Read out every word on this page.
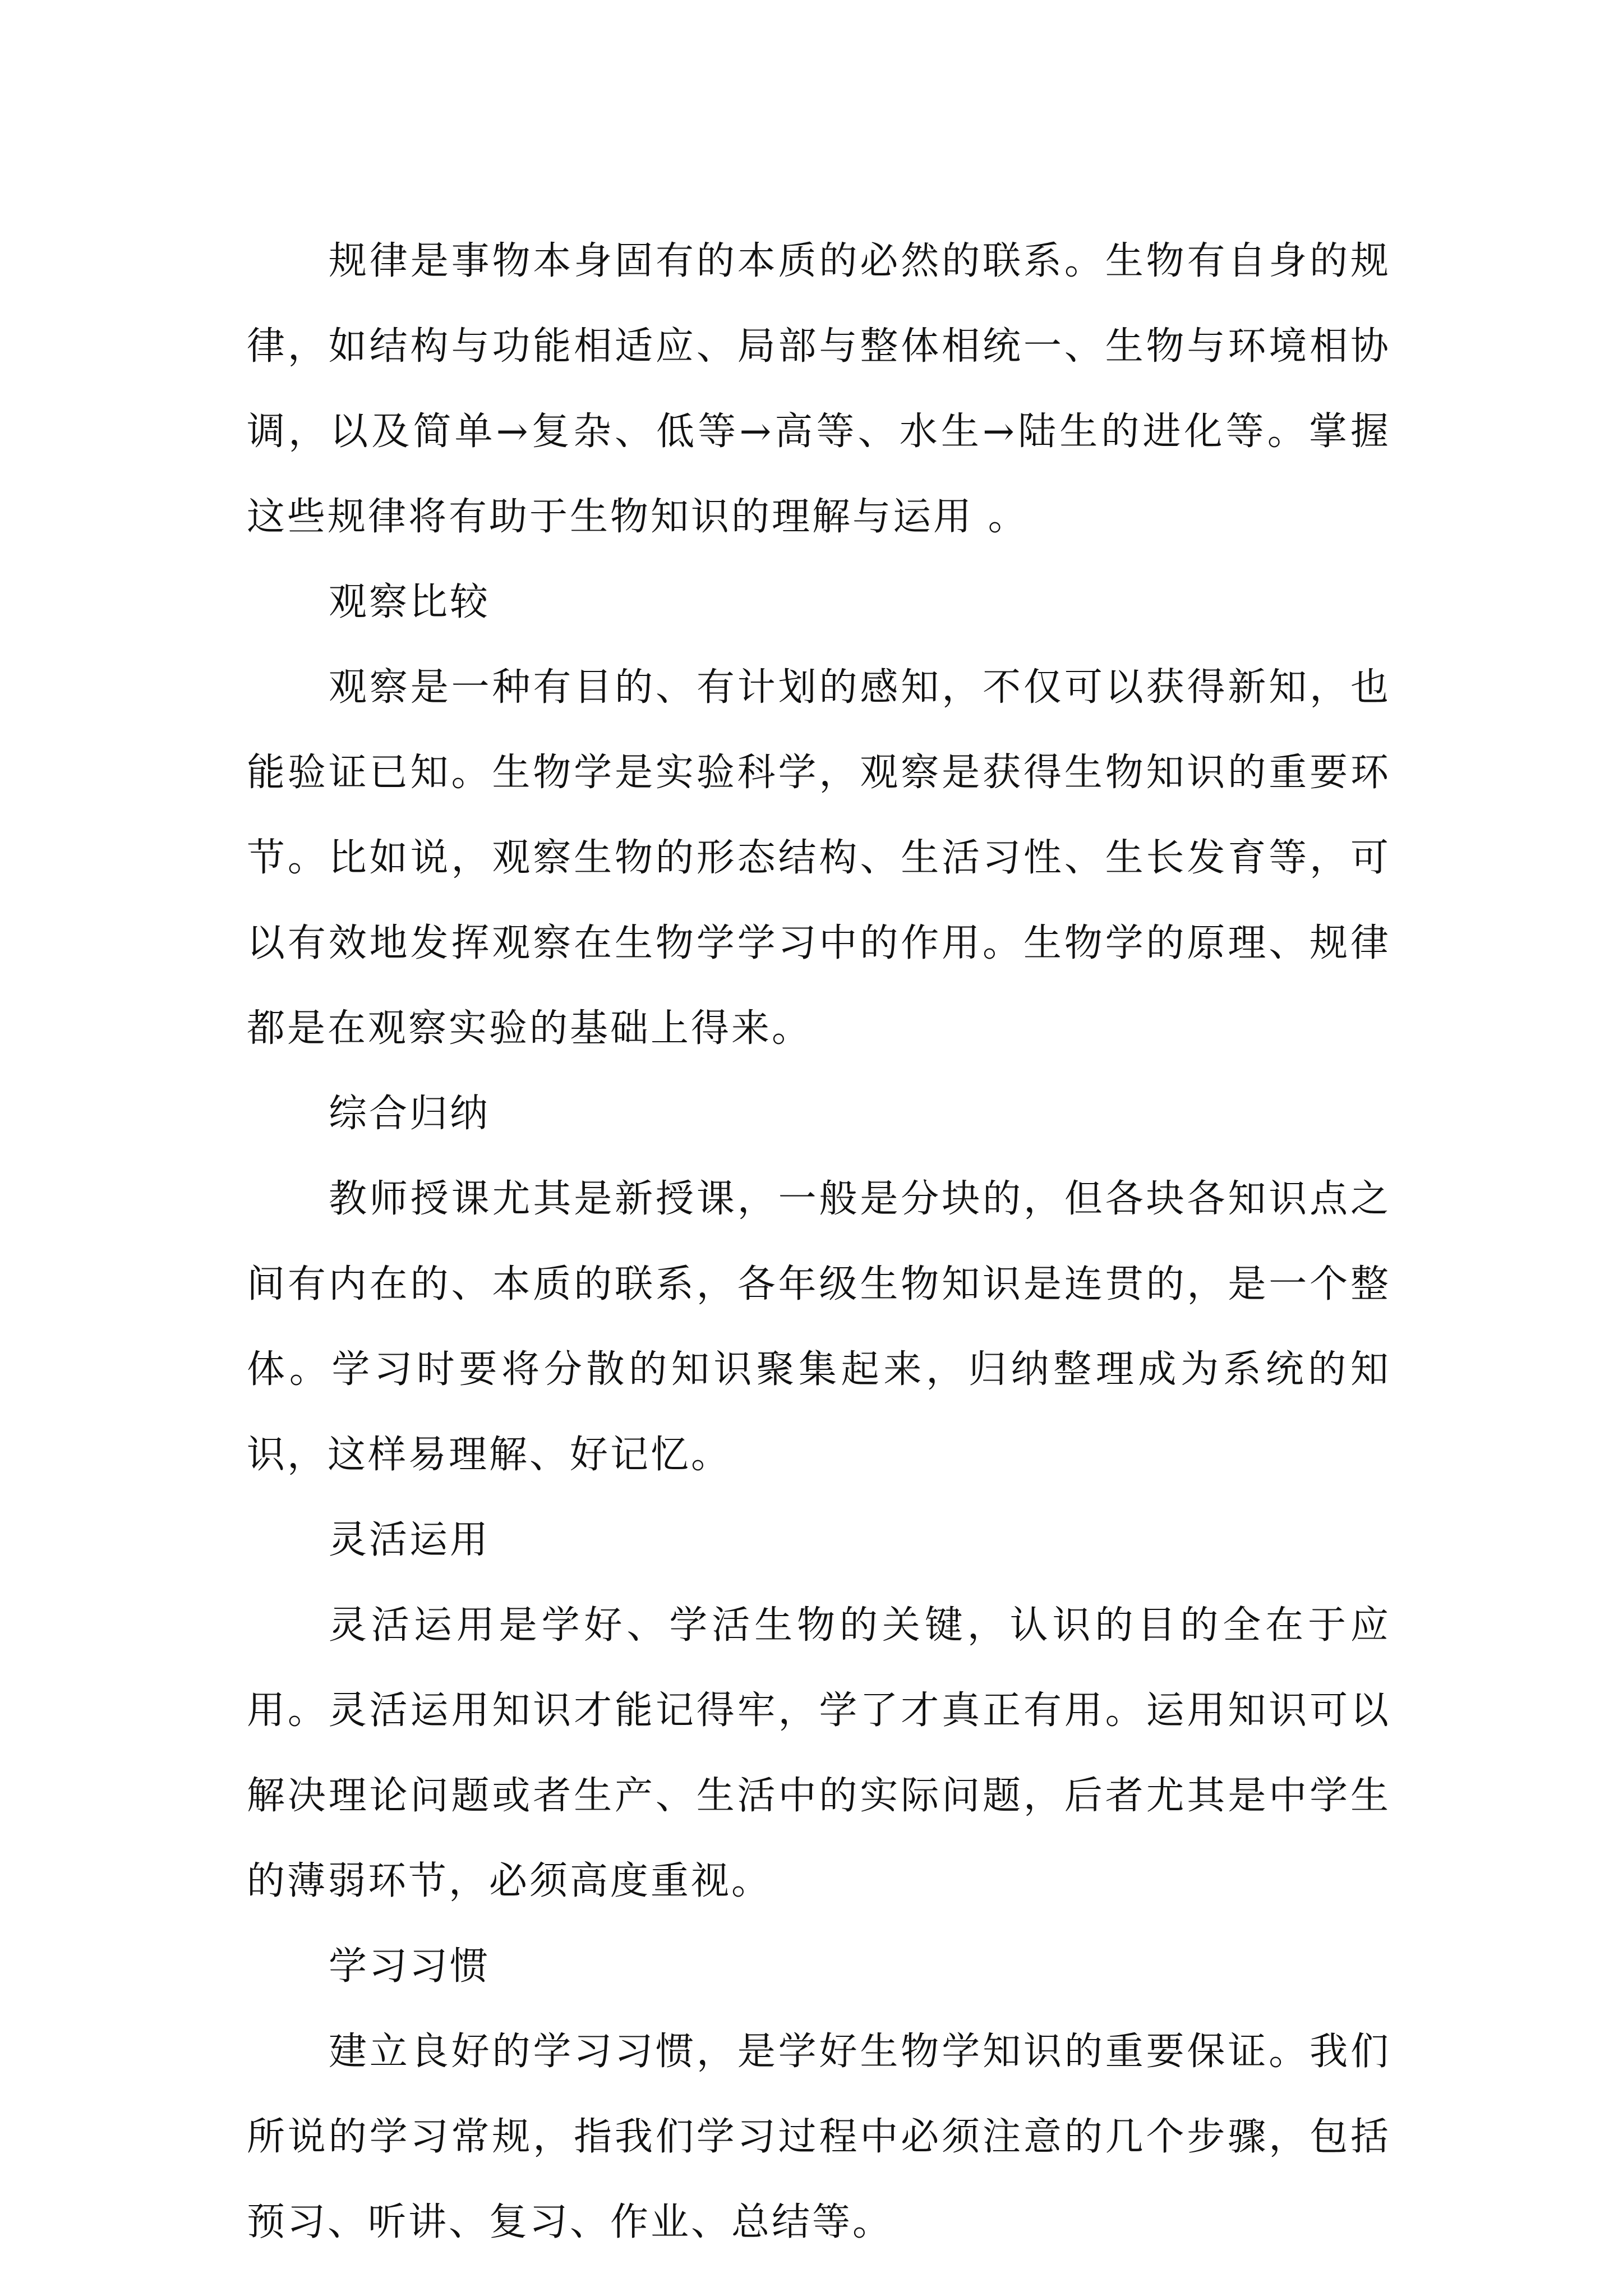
规律是事物本身固有的本质的必然的联系。生物有自身的规律，如结构与功能相适应、局部与整体相统一、生物与环境相协调，以及简单→复杂、低等→高等、水生→陆生的进化等。掌握这些规律将有助于生物知识的理解与运用 。

观察比较

观察是一种有目的、有计划的感知，不仅可以获得新知，也能验证已知。生物学是实验科学，观察是获得生物知识的重要环节。比如说，观察生物的形态结构、生活习性、生长发育等，可以有效地发挥观察在生物学学习中的作用。生物学的原理、规律都是在观察实验的基础上得来。

综合归纳

教师授课尤其是新授课，一般是分块的，但各块各知识点之间有内在的、本质的联系，各年级生物知识是连贯的，是一个整体。学习时要将分散的知识聚集起来，归纳整理成为系统的知识，这样易理解、好记忆。

灵活运用

灵活运用是学好、学活生物的关键，认识的目的全在于应用。灵活运用知识才能记得牢，学了才真正有用。运用知识可以解决理论问题或者生产、生活中的实际问题，后者尤其是中学生的薄弱环节，必须高度重视。

学习习惯

建立良好的学习习惯，是学好生物学知识的重要保证。我们所说的学习常规，指我们学习过程中必须注意的几个步骤，包括预习、听讲、复习、作业、总结等。
